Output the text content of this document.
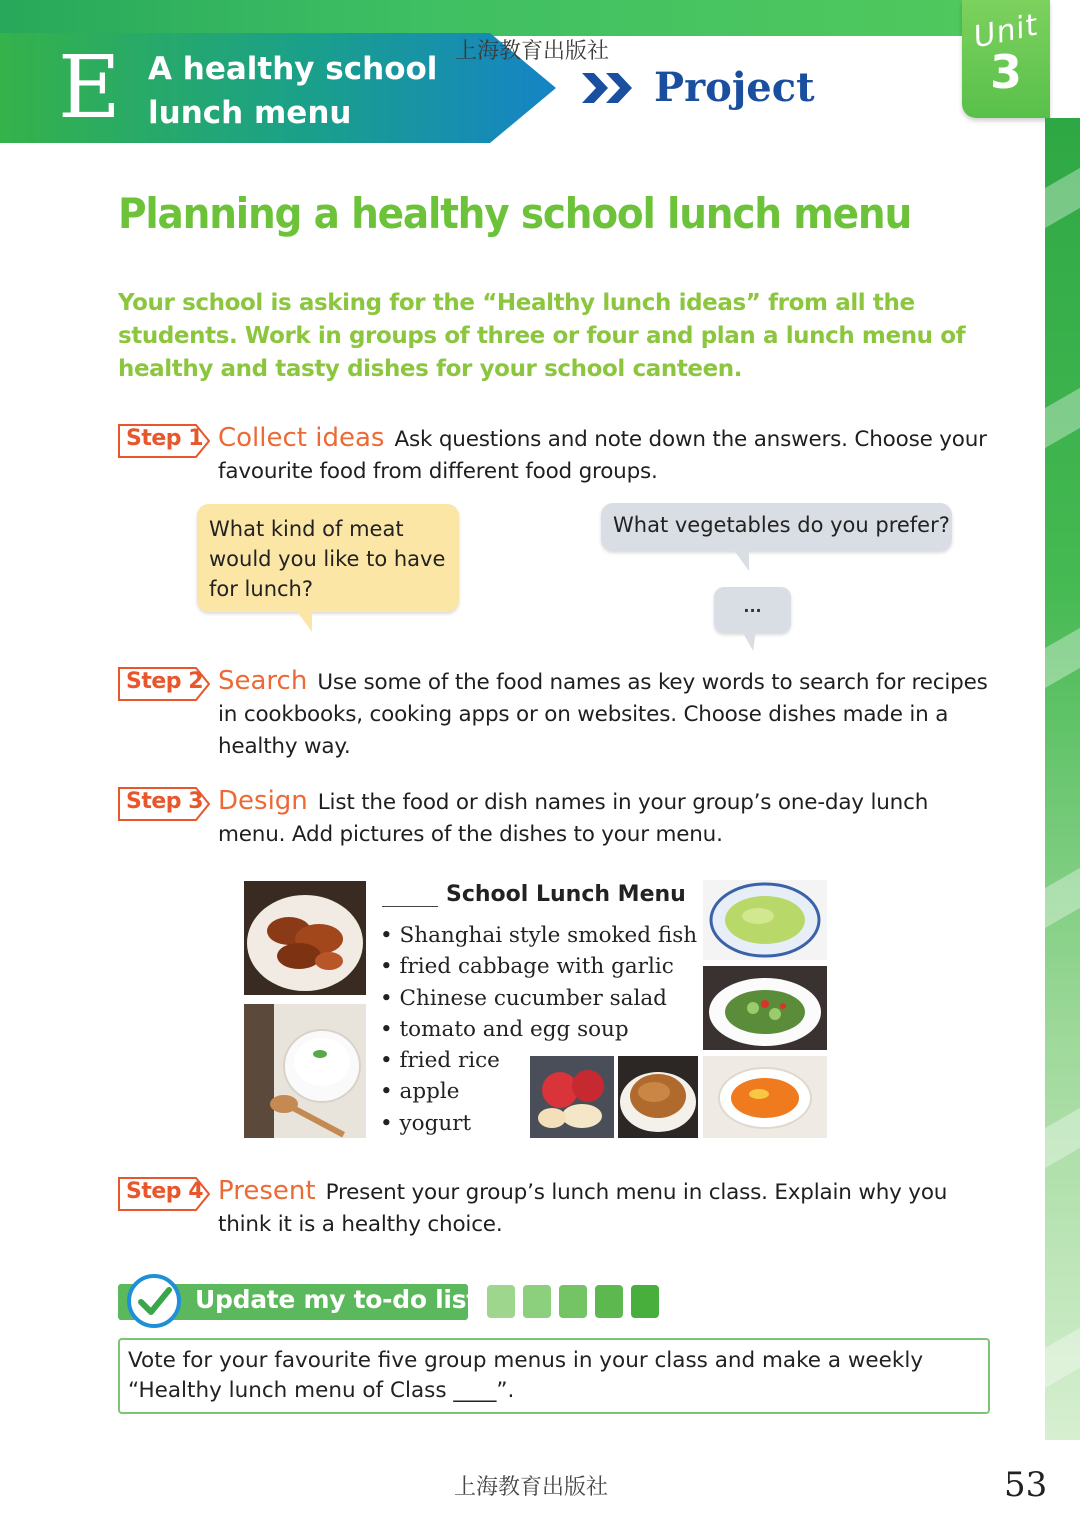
E A healthy school
lunch menu
上海教育出版社
Project
Unit
3
Planning a healthy school lunch menu
Your school is asking for the “Healthy lunch ideas” from all the students. Work in groups of three or four and plan a lunch menu of healthy and tasty dishes for your school canteen.
Step 1 Collect ideas Ask questions and note down the answers. Choose your favourite food from different food groups.

What kind of meat would you like to have for lunch?

What vegetables do you prefer?

...

Step 2 Search Use some of the food names as key words to search for recipes in cookbooks, cooking apps or on websites. Choose dishes made in a healthy way.
Step 3 Design List the food or dish names in your group’s one-day lunch menu. Add pictures of the dishes to your menu.
School Lunch Menu
• Shanghai style smoked fish
• fried cabbage with garlic
• Chinese cucumber salad
• tomato and egg soup
• fried rice
• apple
• yogurt
Step 4 Present Present your group’s lunch menu in class. Explain why you think it is a healthy choice.
Update my to-do list
Vote for your favourite five group menus in your class and make a weekly “Healthy lunch menu of Class ____”.
上海教育出版社	53
